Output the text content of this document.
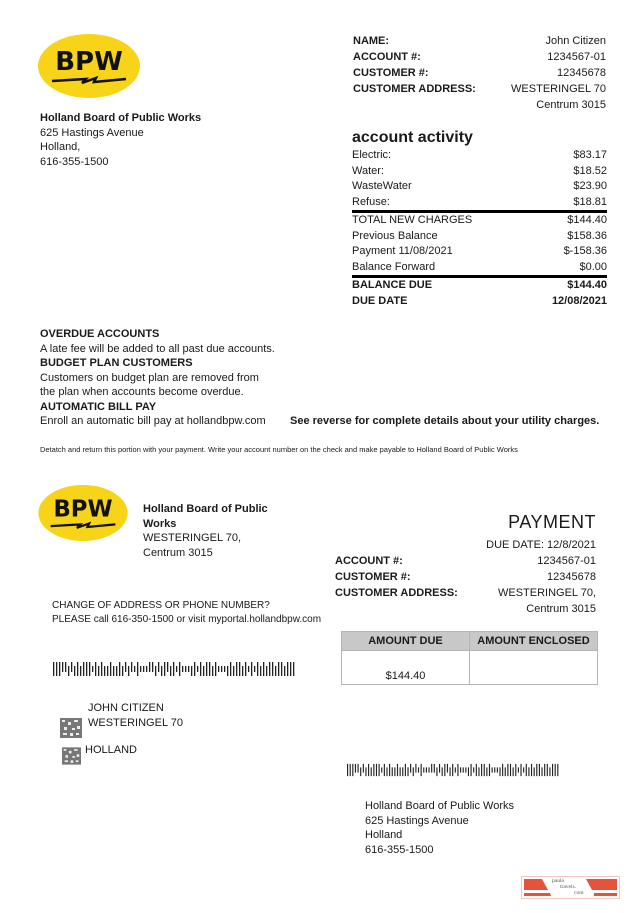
BPW
Holland Board of Public Works
625 Hastings Avenue
Holland,
616-355-1500
NAME:	John Citizen
ACCOUNT #:	1234567-01
CUSTOMER #:	12345678
CUSTOMER ADDRESS:	WESTERINGEL 70
Centrum 3015
account activity
Electric:	$83.17
Water:	$18.52
WasteWater	$23.90
Refuse:	$18.81
TOTAL NEW CHARGES	$144.40
Previous Balance	$158.36
Payment 11/08/2021	$-158.36
Balance Forward	$0.00
BALANCE DUE	$144.40
DUE DATE	12/08/2021
OVERDUE ACCOUNTS
A late fee will be added to all past due accounts.
BUDGET PLAN CUSTOMERS
Customers on budget plan are removed from
the plan when accounts become overdue.
AUTOMATIC BILL PAY
Enroll an automatic bill pay at hollandbpw.com	See reverse for complete details about your utility charges.
Detatch and return this portion with your payment. Write your account number on the check and make payable to Holland Board of Public Works
BPW	Holland Board of Public
Works
WESTERINGEL 70,
Centrum 3015
PAYMENT
DUE DATE: 12/8/2021
ACCOUNT #:	1234567-01
CUSTOMER #:	12345678
CUSTOMER ADDRESS:	WESTERINGEL 70,
Centrum 3015
CHANGE OF ADDRESS OR PHONE NUMBER?
PLEASE call 616-350-1500 or visit myportal.hollandbpw.com
AMOUNT DUE	AMOUNT ENCLOSED
$144.40	
JOHN CITIZEN
WESTERINGEL 70
HOLLAND
Holland Board of Public Works
625 Hastings Avenue
Holland
616-355-1500
paulo
travels.
com
